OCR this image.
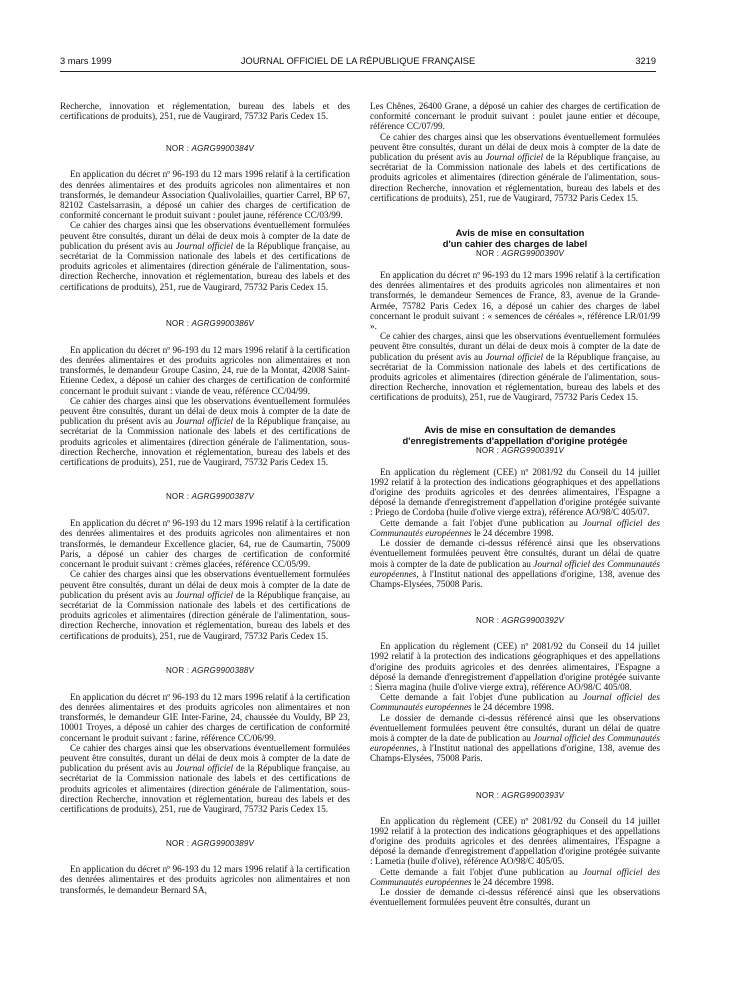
3 mars 1999	JOURNAL OFFICIEL DE LA RÉPUBLIQUE FRANÇAISE	3219

Recherche, innovation et réglementation, bureau des labels et des certifications de produits), 251, rue de Vaugirard, 75732 Paris Cedex 15.

NOR : AGRG9900384V

En application du décret nº 96-193 du 12 mars 1996 relatif à la certification des denrées alimentaires et des produits agricoles non alimentaires et non transformés, le demandeur Association Qualivolailles, quartier Carrel, BP 67, 82102 Castelsarrasin, a déposé un cahier des charges de certification de conformité concernant le produit suivant : poulet jaune, référence CC/03/99.

Ce cahier des charges ainsi que les observations éventuellement formulées peuvent être consultés, durant un délai de deux mois à compter de la date de publication du présent avis au Journal officiel de la République française, au secrétariat de la Commission nationale des labels et des certifications de produits agricoles et alimentaires (direction générale de l'alimentation, sous-direction Recherche, innovation et réglementation, bureau des labels et des certifications de produits), 251, rue de Vaugirard, 75732 Paris Cedex 15.

NOR : AGRG9900386V

En application du décret nº 96-193 du 12 mars 1996 relatif à la certification des denrées alimentaires et des produits agricoles non alimentaires et non transformés, le demandeur Groupe Casino, 24, rue de la Montat, 42008 Saint-Etienne Cedex, a déposé un cahier des charges de certification de conformité concernant le produit suivant : viande de veau, référence CC/04/99.

Ce cahier des charges ainsi que les observations éventuellement formulées peuvent être consultés, durant un délai de deux mois à compter de la date de publication du présent avis au Journal officiel de la République française, au secrétariat de la Commission nationale des labels et des certifications de produits agricoles et alimentaires (direction générale de l'alimentation, sous-direction Recherche, innovation et réglementation, bureau des labels et des certifications de produits), 251, rue de Vaugirard, 75732 Paris Cedex 15.

NOR : AGRG9900387V

En application du décret nº 96-193 du 12 mars 1996 relatif à la certification des denrées alimentaires et des produits agricoles non alimentaires et non transformés, le demandeur Excellence glacier, 64, rue de Caumartin, 75009 Paris, a déposé un cahier des charges de certification de conformité concernant le produit suivant : crèmes glacées, référence CC/05/99.

Ce cahier des charges ainsi que les observations éventuellement formulées peuvent être consultés, durant un délai de deux mois à compter de la date de publication du présent avis au Journal officiel de la République française, au secrétariat de la Commission nationale des labels et des certifications de produits agricoles et alimentaires (direction générale de l'alimentation, sous-direction Recherche, innovation et réglementation, bureau des labels et des certifications de produits), 251, rue de Vaugirard, 75732 Paris Cedex 15.

NOR : AGRG9900388V

En application du décret nº 96-193 du 12 mars 1996 relatif à la certification des denrées alimentaires et des produits agricoles non alimentaires et non transformés, le demandeur GIE Inter-Farine, 24, chaussée du Vouldy, BP 23, 10001 Troyes, a déposé un cahier des charges de certification de conformité concernant le produit suivant : farine, référence CC/06/99.

Ce cahier des charges ainsi que les observations éventuellement formulées peuvent être consultés, durant un délai de deux mois à compter de la date de publication du présent avis au Journal officiel de la République française, au secrétariat de la Commission nationale des labels et des certifications de produits agricoles et alimentaires (direction générale de l'alimentation, sous-direction Recherche, innovation et réglementation, bureau des labels et des certifications de produits), 251, rue de Vaugirard, 75732 Paris Cedex 15.

NOR : AGRG9900389V

En application du décret nº 96-193 du 12 mars 1996 relatif à la certification des denrées alimentaires et des produits agricoles non alimentaires et non transformés, le demandeur Bernard SA,

Les Chênes, 26400 Grane, a déposé un cahier des charges de certification de conformité concernant le produit suivant : poulet jaune entier et découpe, référence CC/07/99.

Ce cahier des charges ainsi que les observations éventuellement formulées peuvent être consultés, durant un délai de deux mois à compter de la date de publication du présent avis au Journal officiel de la République française, au secrétariat de la Commission nationale des labels et des certifications de produits agricoles et alimentaires (direction générale de l'alimentation, sous-direction Recherche, innovation et réglementation, bureau des labels et des certifications de produits), 251, rue de Vaugirard, 75732 Paris Cedex 15.

Avis de mise en consultation
d'un cahier des charges de label

NOR : AGRG9900390V

En application du décret nº 96-193 du 12 mars 1996 relatif à la certification des denrées alimentaires et des produits agricoles non alimentaires et non transformés, le demandeur Semences de France, 83, avenue de la Grande-Armée, 75782 Paris Cedex 16, a déposé un cahier des charges de label concernant le produit suivant : « semences de céréales », référence LR/01/99 ».

Ce cahier des charges, ainsi que les observations éventuellement formulées peuvent être consultés, durant un délai de deux mois à compter de la date de publication du présent avis au Journal officiel de la République française, au secrétariat de la Commission nationale des labels et des certifications de produits agricoles et alimentaires (direction générale de l'alimentation, sous-direction Recherche, innovation et réglementation, bureau des labels et des certifications de produits), 251, rue de Vaugirard, 75732 Paris Cedex 15.

Avis de mise en consultation de demandes
d'enregistrements d'appellation d'origine protégée

NOR : AGRG9900391V

En application du règlement (CEE) nº 2081/92 du Conseil du 14 juillet 1992 relatif à la protection des indications géographiques et des appellations d'origine des produits agricoles et des denrées alimentaires, l'Espagne a déposé la demande d'enregistrement d'appellation d'origine protégée suivante : Priego de Cordoba (huile d'olive vierge extra), référence AO/98/C 405/07.

Cette demande a fait l'objet d'une publication au Journal officiel des Communautés européennes le 24 décembre 1998.

Le dossier de demande ci-dessus référencé ainsi que les observations éventuellement formulées peuvent être consultés, durant un délai de quatre mois à compter de la date de publication au Journal officiel des Communautés européennes, à l'Institut national des appellations d'origine, 138, avenue des Champs-Elysées, 75008 Paris.

NOR : AGRG9900392V

En application du règlement (CEE) nº 2081/92 du Conseil du 14 juillet 1992 relatif à la protection des indications géographiques et des appellations d'origine des produits agricoles et des denrées alimentaires, l'Espagne a déposé la demande d'enregistrement d'appellation d'origine protégée suivante : Sierra magina (huile d'olive vierge extra), référence AO/98/C 405/08.

Cette demande a fait l'objet d'une publication au Journal officiel des Communautés européennes le 24 décembre 1998.

Le dossier de demande ci-dessus référencé ainsi que les observations éventuellement formulées peuvent être consultés, durant un délai de quatre mois à compter de la date de publication au Journal officiel des Communautés européennes, à l'Institut national des appellations d'origine, 138, avenue des Champs-Elysées, 75008 Paris.

NOR : AGRG9900393V

En application du règlement (CEE) nº 2081/92 du Conseil du 14 juillet 1992 relatif à la protection des indications géographiques et des appellations d'origine des produits agricoles et des denrées alimentaires, l'Espagne a déposé la demande d'enregistrement d'appellation d'origine protégée suivante : Lametia (huile d'olive), référence AO/98/C 405/05.

Cette demande a fait l'objet d'une publication au Journal officiel des Communautés européennes le 24 décembre 1998.

Le dossier de demande ci-dessus référencé ainsi que les observations éventuellement formulées peuvent être consultés, durant un
